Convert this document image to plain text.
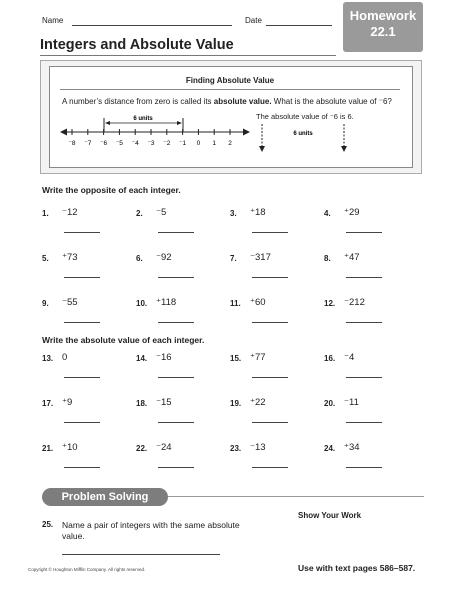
Name	Date	Homework
22.1
Integers and Absolute Value
Finding Absolute Value
A number’s distance from zero is called its absolute value. What is the absolute value of ⁻6?
⁻8 ⁻7 ⁻6 ⁻5 ⁻4 ⁻3 ⁻2 ⁻1 0 1 2
6 units	The absolute value of ⁻6 is 6.
6 units
Write the opposite of each integer.
1. ⁻12	2. ⁻5	3. ⁺18	4. ⁺29
5. ⁺73	6. ⁻92	7. ⁻317	8. ⁺47
9. ⁻55	10. ⁺118	11. ⁺60	12. ⁻212
Write the absolute value of each integer.
13. 0	14. ⁻16	15. ⁺77	16. ⁻4
17. ⁺9	18. ⁻15	19. ⁺22	20. ⁻11
21. ⁺10	22. ⁻24	23. ⁻13	24. ⁺34
Problem Solving
Show Your Work
25. Name a pair of integers with the same absolute value.
Copyright © Houghton Mifflin Company. All rights reserved.	Use with text pages 586–587.
